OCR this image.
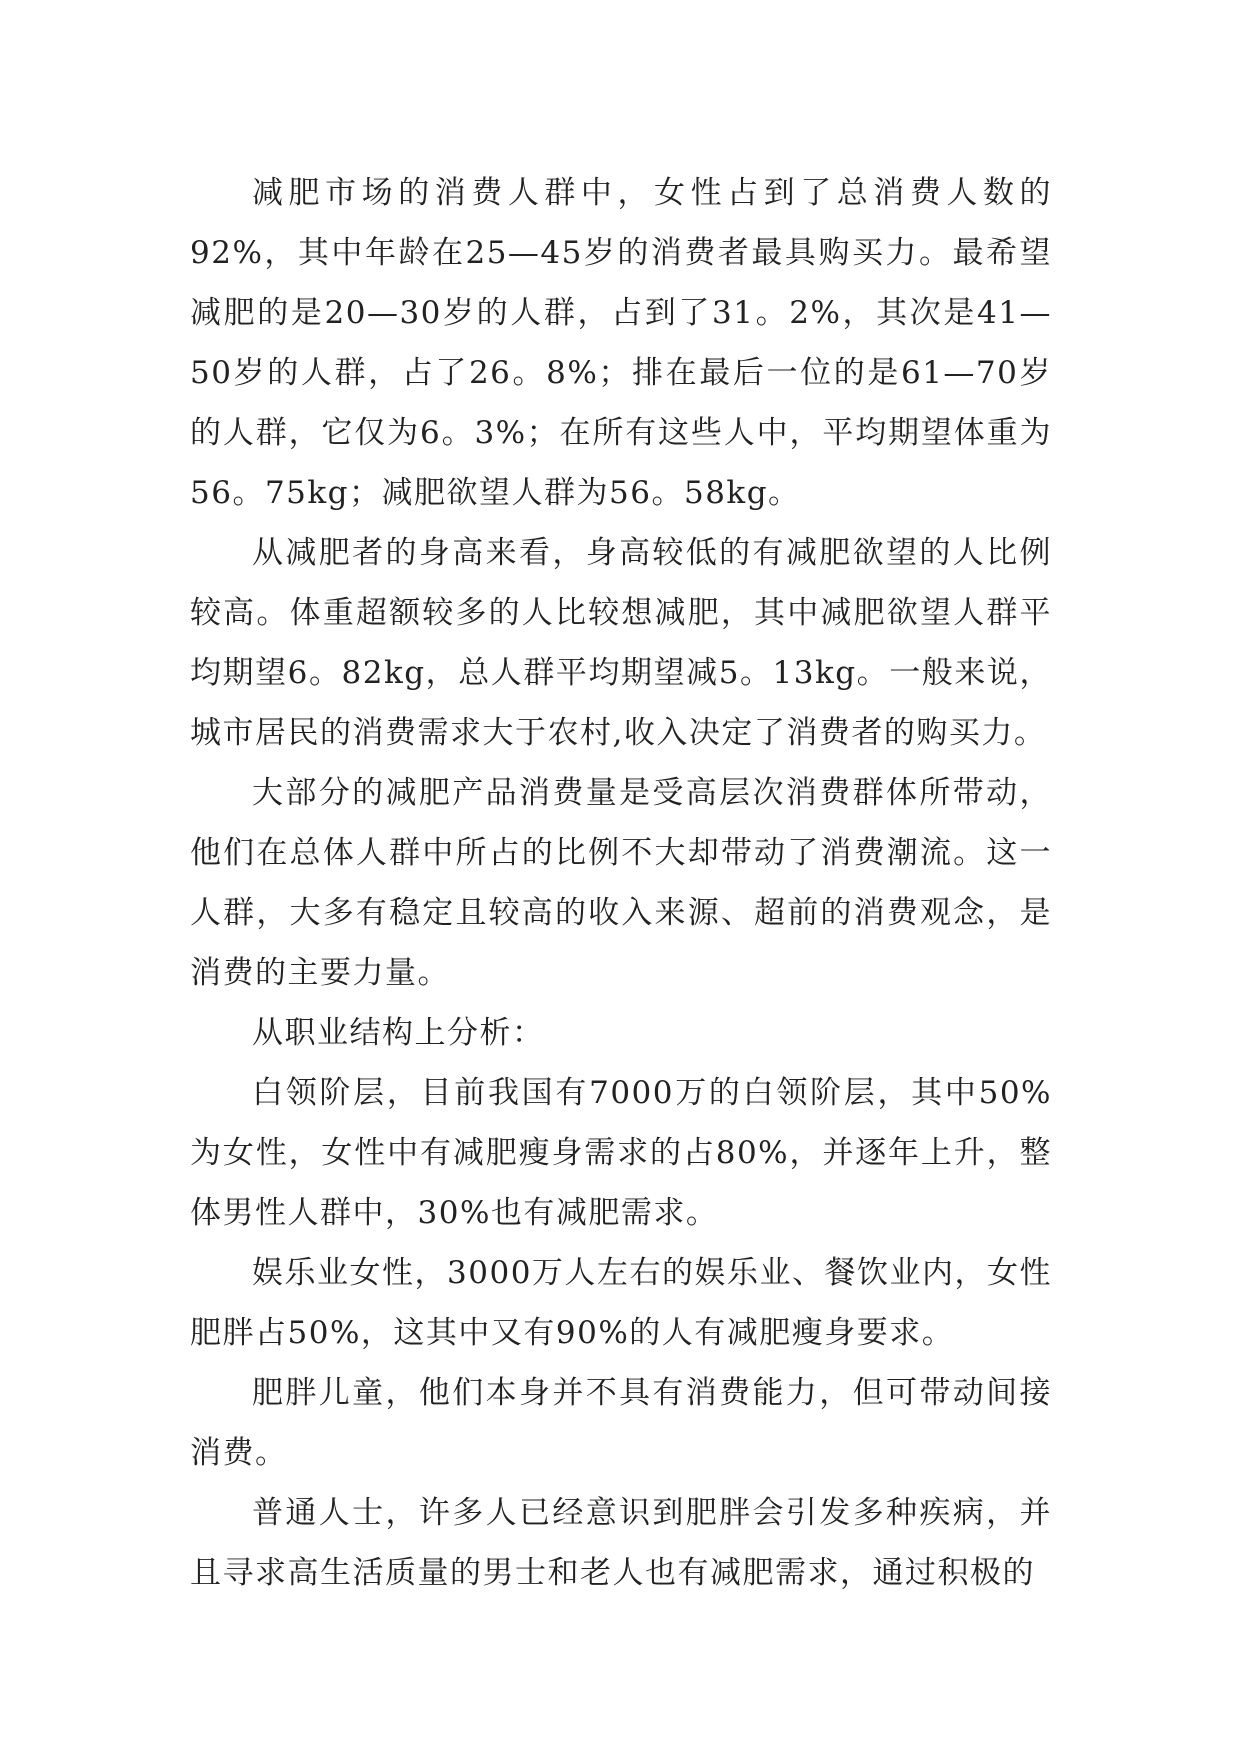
减肥市场的消费人群中，女性占到了总消费人数的92%，其中年龄在25—45岁的消费者最具购买力。最希望减肥的是20—30岁的人群，占到了31。2%，其次是41—50岁的人群，占了26。8%；排在最后一位的是61—70岁的人群，它仅为6。3%；在所有这些人中，平均期望体重为56。75kg；减肥欲望人群为56。58kg。

从减肥者的身高来看，身高较低的有减肥欲望的人比例较高。体重超额较多的人比较想减肥，其中减肥欲望人群平均期望6。82kg，总人群平均期望减5。13kg。一般来说，城市居民的消费需求大于农村,收入决定了消费者的购买力。

大部分的减肥产品消费量是受高层次消费群体所带动，他们在总体人群中所占的比例不大却带动了消费潮流。这一人群，大多有稳定且较高的收入来源、超前的消费观念，是消费的主要力量。

从职业结构上分析：

白领阶层，目前我国有7000万的白领阶层，其中50%为女性，女性中有减肥瘦身需求的占80%，并逐年上升，整体男性人群中，30%也有减肥需求。

娱乐业女性，3000万人左右的娱乐业、餐饮业内，女性肥胖占50%，这其中又有90%的人有减肥瘦身要求。

肥胖儿童，他们本身并不具有消费能力，但可带动间接消费。

普通人士，许多人已经意识到肥胖会引发多种疾病，并且寻求高生活质量的男士和老人也有减肥需求，通过积极的
